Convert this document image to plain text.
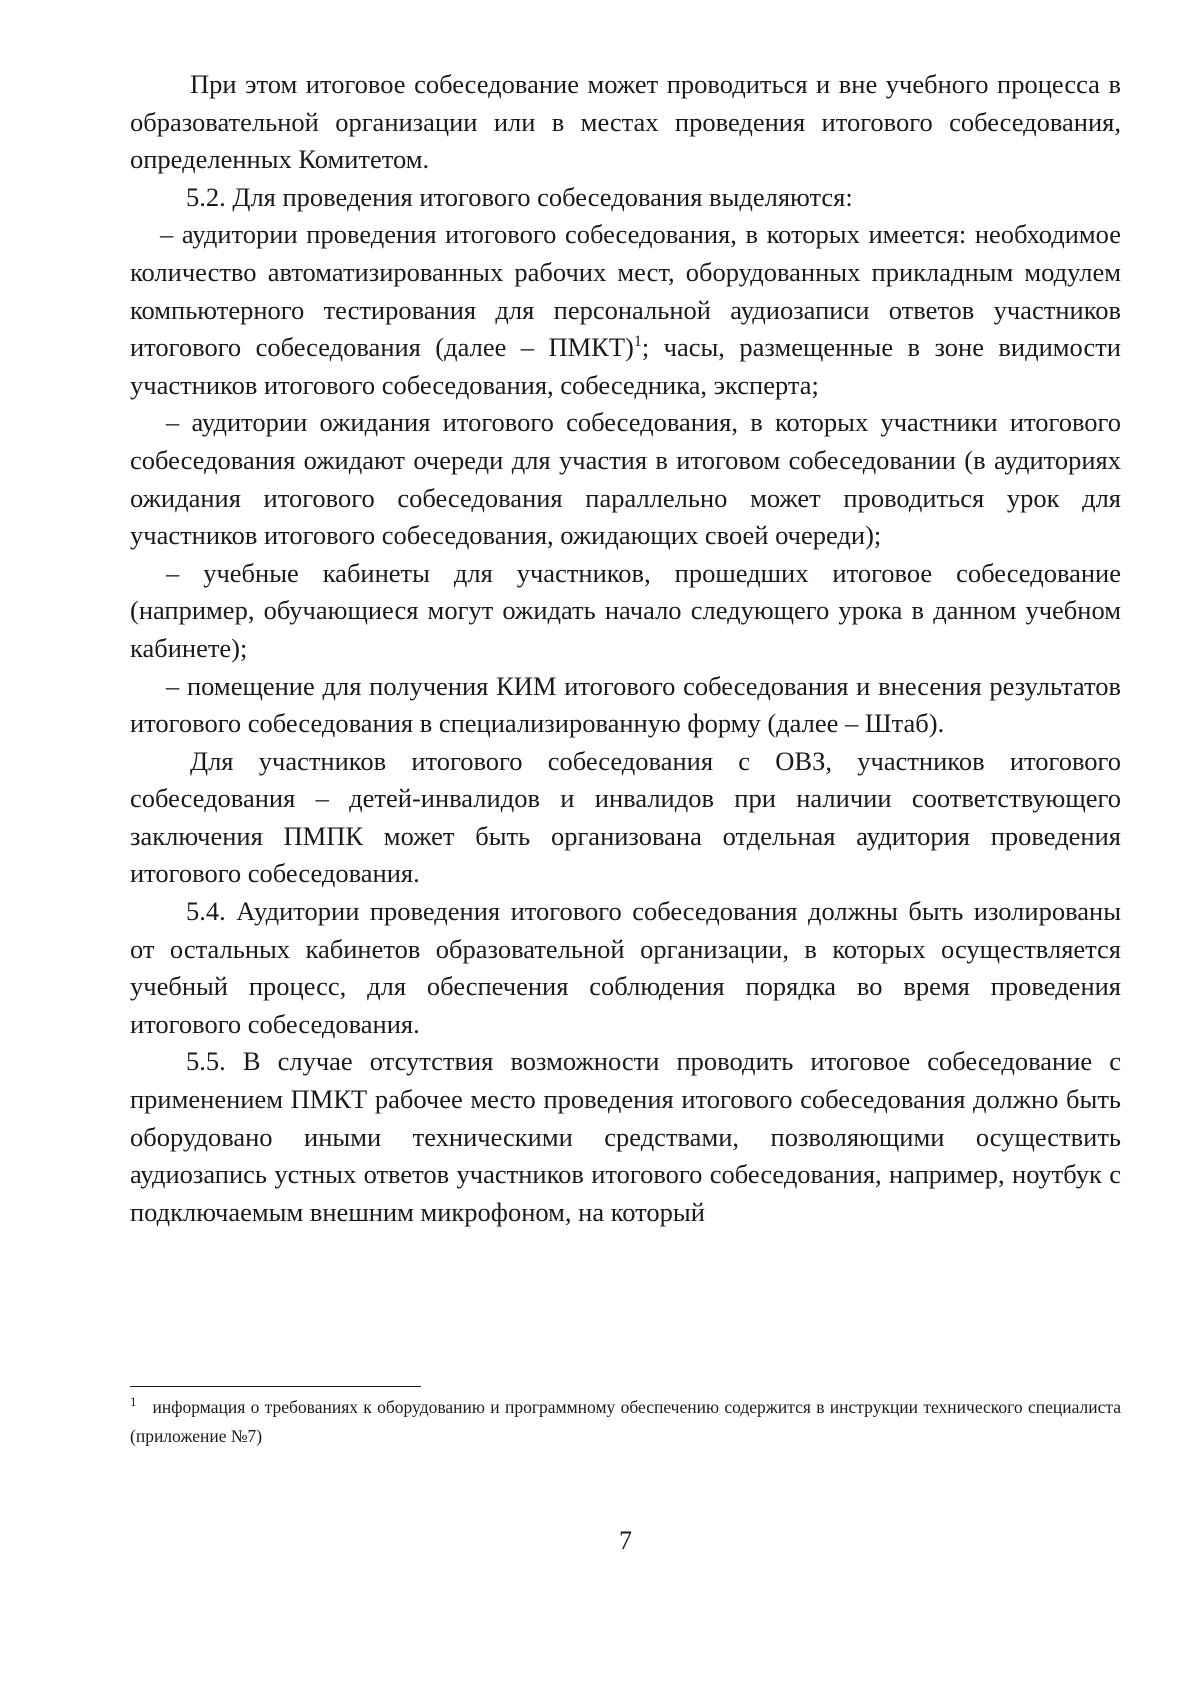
При этом итоговое собеседование может проводиться и вне учебного процесса в образовательной организации или в местах проведения итогового собеседования, определенных Комитетом.

5.2. Для проведения итогового собеседования выделяются:

– аудитории проведения итогового собеседования, в которых имеется: необходимое количество автоматизированных рабочих мест, оборудованных прикладным модулем компьютерного тестирования для персональной аудиозаписи ответов участников итогового собеседования (далее – ПМКТ)$^1$; часы, размещенные в зоне видимости участников итогового собеседования, собеседника, эксперта;

– аудитории ожидания итогового собеседования, в которых участники итогового собеседования ожидают очереди для участия в итоговом собеседовании (в аудиториях ожидания итогового собеседования параллельно может проводиться урок для участников итогового собеседования, ожидающих своей очереди);

– учебные кабинеты для участников, прошедших итоговое собеседование (например, обучающиеся могут ожидать начало следующего урока в данном учебном кабинете);

– помещение для получения КИМ итогового собеседования и внесения результатов итогового собеседования в специализированную форму (далее – Штаб).

Для участников итогового собеседования с ОВЗ, участников итогового собеседования – детей-инвалидов и инвалидов при наличии соответствующего заключения ПМПК может быть организована отдельная аудитория проведения итогового собеседования.

5.4. Аудитории проведения итогового собеседования должны быть изолированы от остальных кабинетов образовательной организации, в которых осуществляется учебный процесс, для обеспечения соблюдения порядка во время проведения итогового собеседования.

5.5. В случае отсутствия возможности проводить итоговое собеседование с применением ПМКТ рабочее место проведения итогового собеседования должно быть оборудовано иными техническими средствами, позволяющими осуществить аудиозапись устных ответов участников итогового собеседования, например, ноутбук с подключаемым внешним микрофоном, на который

$^1$ информация о требованиях к оборудованию и программному обеспечению содержится в инструкции технического специалиста (приложение №7)

7
